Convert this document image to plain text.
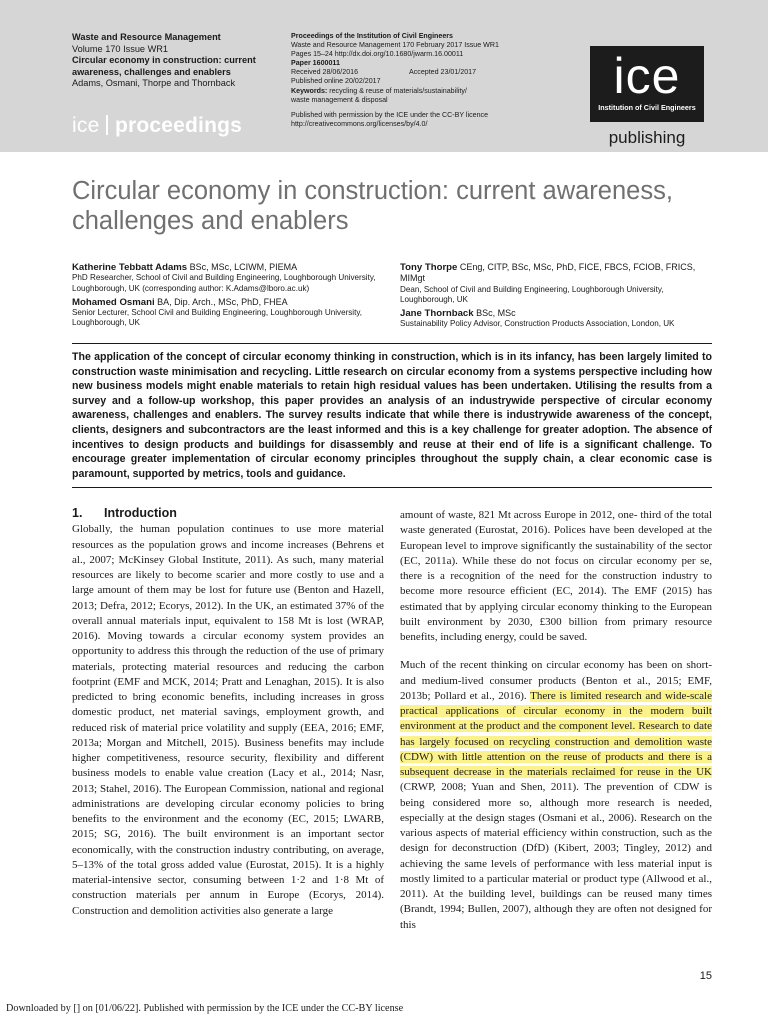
Waste and Resource Management
Volume 170 Issue WR1
Circular economy in construction: current awareness, challenges and enablers
Adams, Osmani, Thorpe and Thornback
ice proceedings
Proceedings of the Institution of Civil Engineers
Waste and Resource Management 170 February 2017 Issue WR1
Pages 15–24 http://dx.doi.org/10.1680/jwarm.16.00011
Paper 1600011
Received 28/06/2016	Accepted 23/01/2017
Published online 20/02/2017
Keywords: recycling & reuse of materials/sustainability/
waste management & disposal
Published with permission by the ICE under the CC-BY licence
http://creativecommons.org/licenses/by/4.0/
ice
Institution of Civil Engineers
publishing
Circular economy in construction: current awareness, challenges and enablers
Katherine Tebbatt Adams BSc, MSc, LCIWM, PIEMA
PhD Researcher, School of Civil and Building Engineering, Loughborough University, Loughborough, UK (corresponding author: K.Adams@lboro.ac.uk)
Mohamed Osmani BA, Dip. Arch., MSc, PhD, FHEA
Senior Lecturer, School Civil and Building Engineering, Loughborough University, Loughborough, UK
Tony Thorpe CEng, CITP, BSc, MSc, PhD, FICE, FBCS, FCIOB, FRICS, MIMgt
Dean, School of Civil and Building Engineering, Loughborough University, Loughborough, UK
Jane Thornback BSc, MSc
Sustainability Policy Advisor, Construction Products Association, London, UK
The application of the concept of circular economy thinking in construction, which is in its infancy, has been largely limited to construction waste minimisation and recycling. Little research on circular economy from a systems perspective including how new business models might enable materials to retain high residual values has been undertaken. Utilising the results from a survey and a follow-up workshop, this paper provides an analysis of an industrywide perspective of circular economy awareness, challenges and enablers. The survey results indicate that while there is industrywide awareness of the concept, clients, designers and subcontractors are the least informed and this is a key challenge for greater adoption. The absence of incentives to design products and buildings for disassembly and reuse at their end of life is a significant challenge. To encourage greater implementation of circular economy principles throughout the supply chain, a clear economic case is paramount, supported by metrics, tools and guidance.
1. Introduction

Globally, the human population continues to use more material resources as the population grows and income increases (Behrens et al., 2007; McKinsey Global Institute, 2011). As such, many material resources are likely to become scarier and more costly to use and a large amount of them may be lost for future use (Benton and Hazell, 2013; Defra, 2012; Ecorys, 2012). In the UK, an estimated 37% of the overall annual materials input, equivalent to 158 Mt is lost (WRAP, 2016). Moving towards a circular economy system provides an opportunity to address this through the reduction of the use of primary materials, protecting material resources and reducing the carbon footprint (EMF and MCK, 2014; Pratt and Lenaghan, 2015). It is also predicted to bring economic benefits, including increases in gross domestic product, net material savings, employment growth, and reduced risk of material price volatility and supply (EEA, 2016; EMF, 2013a; Morgan and Mitchell, 2015). Business benefits may include higher competitiveness, resource security, flexibility and different business models to enable value creation (Lacy et al., 2014; Nasr, 2013; Stahel, 2016). The European Commission, national and regional administrations are developing circular economy policies to bring benefits to the environment and the economy (EC, 2015; LWARB, 2015; SG, 2016). The built environment is an important sector economically, with the construction industry contributing, on average, 5–13% of the total gross added value (Eurostat, 2015). It is a highly material-intensive sector, consuming between 1·2 and 1·8 Mt of construction materials per annum in Europe (Ecorys, 2014). Construction and demolition activities also generate a large

amount of waste, 821 Mt across Europe in 2012, one- third of the total waste generated (Eurostat, 2016). Polices have been developed at the European level to improve significantly the sustainability of the sector (EC, 2011a). While these do not focus on circular economy per se, there is a recognition of the need for the construction industry to become more resource efficient (EC, 2014). The EMF (2015) has estimated that by applying circular economy thinking to the European built environment by 2030, £300 billion from primary resource benefits, including energy, could be saved.

Much of the recent thinking on circular economy has been on short- and medium-lived consumer products (Benton et al., 2015; EMF, 2013b; Pollard et al., 2016). There is limited research and wide-scale practical applications of circular economy in the modern built environment at the product and the component level. Research to date has largely focused on recycling construction and demolition waste (CDW) with little attention on the reuse of products and there is a subsequent decrease in the materials reclaimed for reuse in the UK (CRWP, 2008; Yuan and Shen, 2011). The prevention of CDW is being considered more so, although more research is needed, especially at the design stages (Osmani et al., 2006). Research on the various aspects of material efficiency within construction, such as the design for deconstruction (DfD) (Kibert, 2003; Tingley, 2012) and achieving the same levels of performance with less material input is mostly limited to a particular material or product type (Allwood et al., 2011). At the building level, buildings can be reused many times (Brandt, 1994; Bullen, 2007), although they are often not designed for this

15
Downloaded by [] on [01/06/22]. Published with permission by the ICE under the CC-BY license
